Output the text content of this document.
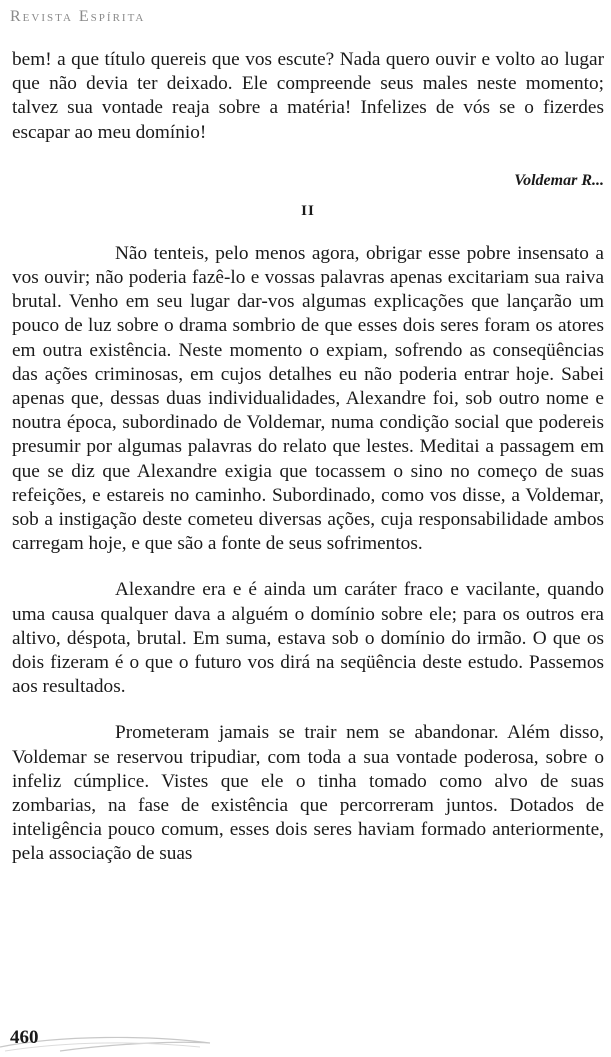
Revista Espírita

bem! a que título quereis que vos escute? Nada quero ouvir e volto ao lugar que não devia ter deixado. Ele compreende seus males neste momento; talvez sua vontade reaja sobre a matéria! Infelizes de vós se o fizerdes escapar ao meu domínio!

Voldemar R...
II

Não tenteis, pelo menos agora, obrigar esse pobre insensato a vos ouvir; não poderia fazê-lo e vossas palavras apenas excitariam sua raiva brutal. Venho em seu lugar dar-vos algumas explicações que lançarão um pouco de luz sobre o drama sombrio de que esses dois seres foram os atores em outra existência. Neste momento o expiam, sofrendo as conseqüências das ações criminosas, em cujos detalhes eu não poderia entrar hoje. Sabei apenas que, dessas duas individualidades, Alexandre foi, sob outro nome e noutra época, subordinado de Voldemar, numa condição social que podereis presumir por algumas palavras do relato que lestes. Meditai a passagem em que se diz que Alexandre exigia que tocassem o sino no começo de suas refeições, e estareis no caminho. Subordinado, como vos disse, a Voldemar, sob a instigação deste cometeu diversas ações, cuja responsabilidade ambos carregam hoje, e que são a fonte de seus sofrimentos.

Alexandre era e é ainda um caráter fraco e vacilante, quando uma causa qualquer dava a alguém o domínio sobre ele; para os outros era altivo, déspota, brutal. Em suma, estava sob o domínio do irmão. O que os dois fizeram é o que o futuro vos dirá na seqüência deste estudo. Passemos aos resultados.

Prometeram jamais se trair nem se abandonar. Além disso, Voldemar se reservou tripudiar, com toda a sua vontade poderosa, sobre o infeliz cúmplice. Vistes que ele o tinha tomado como alvo de suas zombarias, na fase de existência que percorreram juntos. Dotados de inteligência pouco comum, esses dois seres haviam formado anteriormente, pela associação de suas

460
